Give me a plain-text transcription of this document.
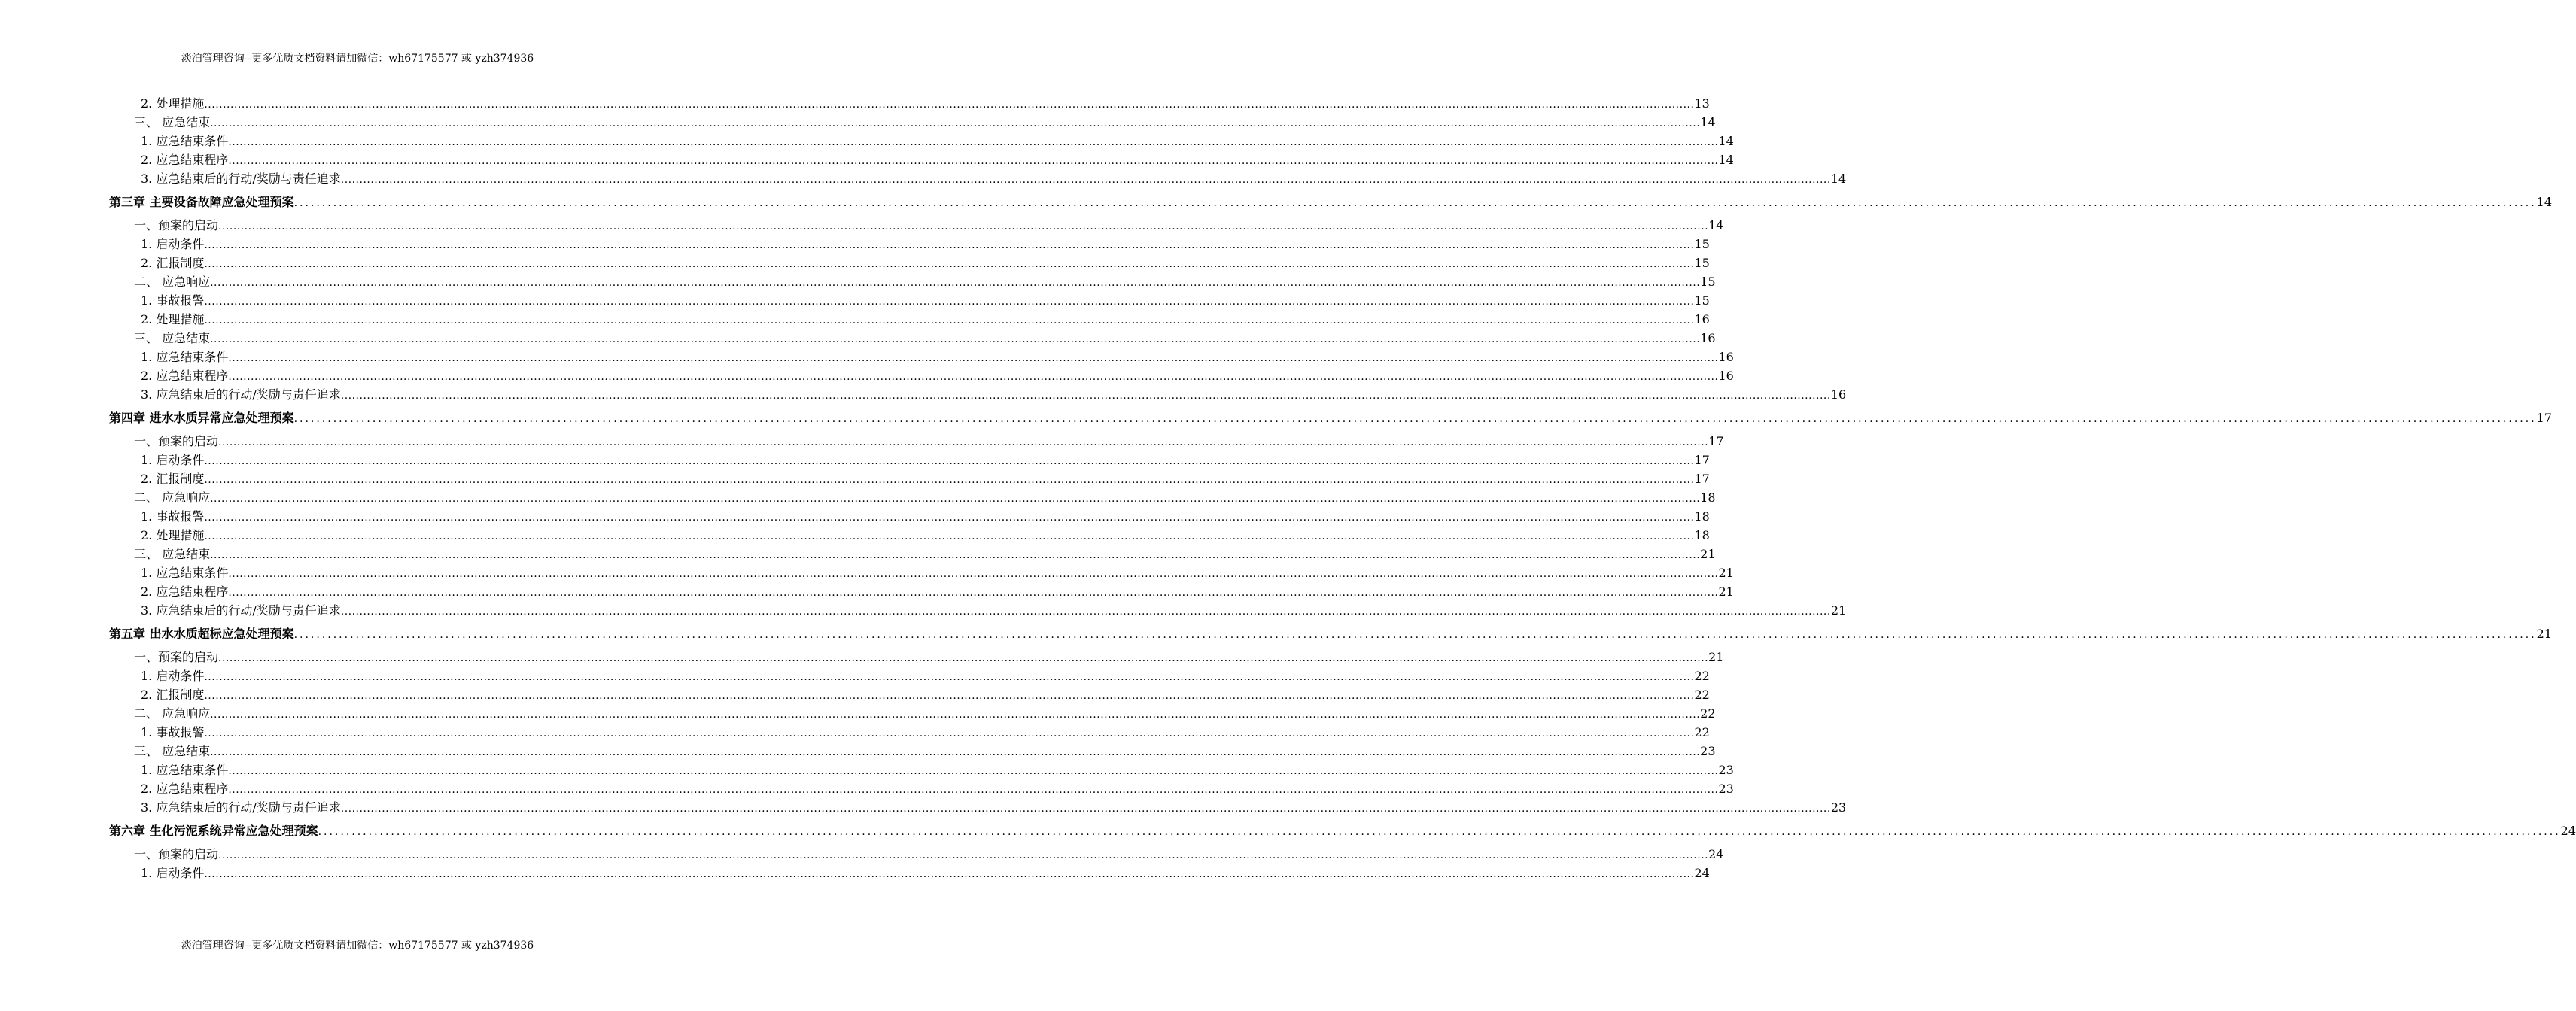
淡泊管理咨询--更多优质文档资料请加微信：wh67175577 或 yzh374936
2. 处理措施 ................................................................................................................................................................................................................................................................................................................................................................................................................ 13
三、 应急结束 ................................................................................................................................................................................................................................................................................................................................................................................................................ 14
1. 应急结束条件 ................................................................................................................................................................................................................................................................................................................................................................................................................ 14
2. 应急结束程序 ................................................................................................................................................................................................................................................................................................................................................................................................................ 14
3. 应急结束后的行动/奖励与责任追求 ................................................................................................................................................................................................................................................................................................................................................................................................................ 14
第三章 主要设备故障应急处理预案 ................................................................................................................................................................................................................................................................................................................................................................................................................ 14
一、预案的启动 ................................................................................................................................................................................................................................................................................................................................................................................................................ 14
1. 启动条件 ................................................................................................................................................................................................................................................................................................................................................................................................................ 15
2. 汇报制度 ................................................................................................................................................................................................................................................................................................................................................................................................................ 15
二、 应急响应 ................................................................................................................................................................................................................................................................................................................................................................................................................ 15
1. 事故报警 ................................................................................................................................................................................................................................................................................................................................................................................................................ 15
2. 处理措施 ................................................................................................................................................................................................................................................................................................................................................................................................................ 16
三、 应急结束 ................................................................................................................................................................................................................................................................................................................................................................................................................ 16
1. 应急结束条件 ................................................................................................................................................................................................................................................................................................................................................................................................................ 16
2. 应急结束程序 ................................................................................................................................................................................................................................................................................................................................................................................................................ 16
3. 应急结束后的行动/奖励与责任追求 ................................................................................................................................................................................................................................................................................................................................................................................................................ 16
第四章 进水水质异常应急处理预案 ................................................................................................................................................................................................................................................................................................................................................................................................................ 17
一、预案的启动 ................................................................................................................................................................................................................................................................................................................................................................................................................ 17
1. 启动条件 ................................................................................................................................................................................................................................................................................................................................................................................................................ 17
2. 汇报制度 ................................................................................................................................................................................................................................................................................................................................................................................................................ 17
二、 应急响应 ................................................................................................................................................................................................................................................................................................................................................................................................................ 18
1. 事故报警 ................................................................................................................................................................................................................................................................................................................................................................................................................ 18
2. 处理措施 ................................................................................................................................................................................................................................................................................................................................................................................................................ 18
三、 应急结束 ................................................................................................................................................................................................................................................................................................................................................................................................................ 21
1. 应急结束条件 ................................................................................................................................................................................................................................................................................................................................................................................................................ 21
2. 应急结束程序 ................................................................................................................................................................................................................................................................................................................................................................................................................ 21
3. 应急结束后的行动/奖励与责任追求 ................................................................................................................................................................................................................................................................................................................................................................................................................ 21
第五章 出水水质超标应急处理预案 ................................................................................................................................................................................................................................................................................................................................................................................................................ 21
一、预案的启动 ................................................................................................................................................................................................................................................................................................................................................................................................................ 21
1. 启动条件 ................................................................................................................................................................................................................................................................................................................................................................................................................ 22
2. 汇报制度 ................................................................................................................................................................................................................................................................................................................................................................................................................ 22
二、 应急响应 ................................................................................................................................................................................................................................................................................................................................................................................................................ 22
1. 事故报警 ................................................................................................................................................................................................................................................................................................................................................................................................................ 22
三、 应急结束 ................................................................................................................................................................................................................................................................................................................................................................................................................ 23
1. 应急结束条件 ................................................................................................................................................................................................................................................................................................................................................................................................................ 23
2. 应急结束程序 ................................................................................................................................................................................................................................................................................................................................................................................................................ 23
3. 应急结束后的行动/奖励与责任追求 ................................................................................................................................................................................................................................................................................................................................................................................................................ 23
第六章 生化污泥系统异常应急处理预案 ................................................................................................................................................................................................................................................................................................................................................................................................................ 24
一、预案的启动 ................................................................................................................................................................................................................................................................................................................................................................................................................ 24
1. 启动条件 ................................................................................................................................................................................................................................................................................................................................................................................................................ 24
淡泊管理咨询--更多优质文档资料请加微信：wh67175577 或 yzh374936
